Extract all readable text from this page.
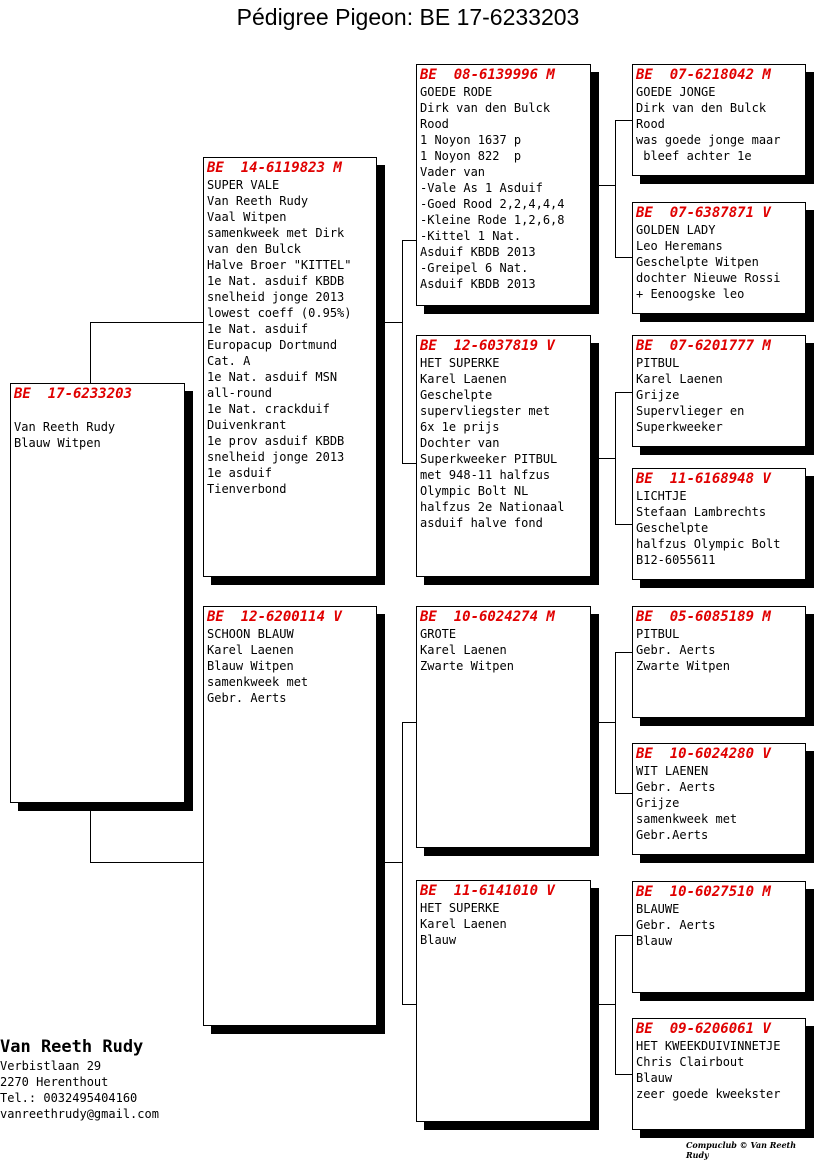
Pédigree Pigeon: BE 17-6233203
BE  17-6233203
Van Reeth Rudy
Blauw Witpen
BE  14-6119823 M
SUPER VALE
Van Reeth Rudy
Vaal Witpen
samenkweek met Dirk
van den Bulck
Halve Broer "KITTEL"
1e Nat. asduif KBDB
snelheid jonge 2013
lowest coeff (0.95%)
1e Nat. asduif
Europacup Dortmund
Cat. A
1e Nat. asduif MSN
all-round
1e Nat. crackduif
Duivenkrant
1e prov asduif KBDB
snelheid jonge 2013
1e asduif
Tienverbond
BE  12-6200114 V
SCHOON BLAUW
Karel Laenen
Blauw Witpen
samenkweek met
Gebr. Aerts
BE  08-6139996 M
GOEDE RODE
Dirk van den Bulck
Rood
1 Noyon 1637 p
1 Noyon 822  p
Vader van
-Vale As 1 Asduif
-Goed Rood 2,2,4,4,4
-Kleine Rode 1,2,6,8
-Kittel 1 Nat.
Asduif KBDB 2013
-Greipel 6 Nat.
Asduif KBDB 2013
BE  12-6037819 V
HET SUPERKE
Karel Laenen
Geschelpte
supervliegster met
6x 1e prijs
Dochter van
Superkweeker PITBUL
met 948-11 halfzus
Olympic Bolt NL
halfzus 2e Nationaal
asduif halve fond
BE  10-6024274 M
GROTE
Karel Laenen
Zwarte Witpen
BE  11-6141010 V
HET SUPERKE
Karel Laenen
Blauw
BE  07-6218042 M
GOEDE JONGE
Dirk van den Bulck
Rood
was goede jonge maar
bleef achter 1e
BE  07-6387871 V
GOLDEN LADY
Leo Heremans
Geschelpte Witpen
dochter Nieuwe Rossi
+ Eenoogske leo
BE  07-6201777 M
PITBUL
Karel Laenen
Grijze
Supervlieger en
Superkweeker
BE  11-6168948 V
LICHTJE
Stefaan Lambrechts
Geschelpte
halfzus Olympic Bolt
B12-6055611
BE  05-6085189 M
PITBUL
Gebr. Aerts
Zwarte Witpen
BE  10-6024280 V
WIT LAENEN
Gebr. Aerts
Grijze
samenkweek met
Gebr.Aerts
BE  10-6027510 M
BLAUWE
Gebr. Aerts
Blauw
BE  09-6206061 V
HET KWEEKDUIVINNETJE
Chris Clairbout
Blauw
zeer goede kweekster
Van Reeth Rudy
Verbistlaan 29
2270 Herenthout
Tel.: 0032495404160
vanreethrudy@gmail.com
Compuclub © Van Reeth Rudy
